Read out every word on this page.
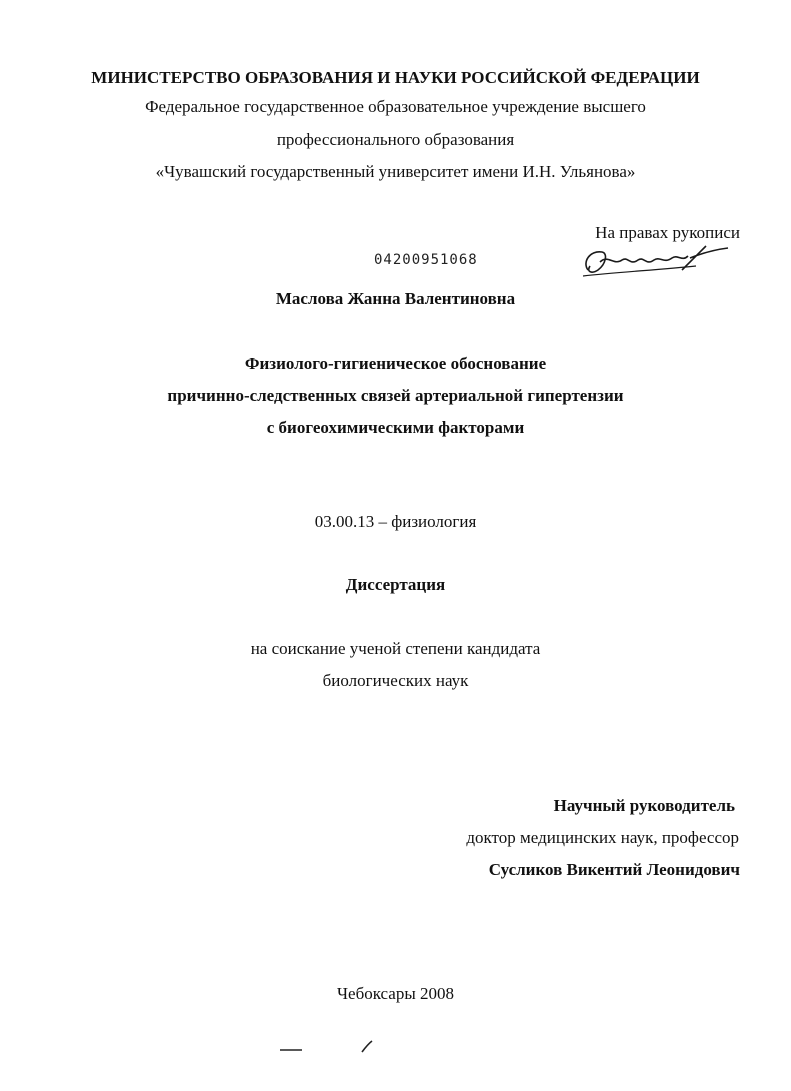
МИНИСТЕРСТВО ОБРАЗОВАНИЯ И НАУКИ РОССИЙСКОЙ ФЕДЕРАЦИИ
Федеральное государственное образовательное учреждение высшего
профессионального образования
«Чувашский государственный университет имени И.Н. Ульянова»
На правах рукописи
04200951068
Маслова Жанна Валентиновна
Физиолого-гигиеническое обоснование
причинно-следственных связей артериальной гипертензии
с биогеохимическими факторами
03.00.13 – физиология
Диссертация
на соискание ученой степени кандидата
биологических наук
Научный руководитель
доктор медицинских наук, профессор
Сусликов Викентий Леонидович
Чебоксары 2008
